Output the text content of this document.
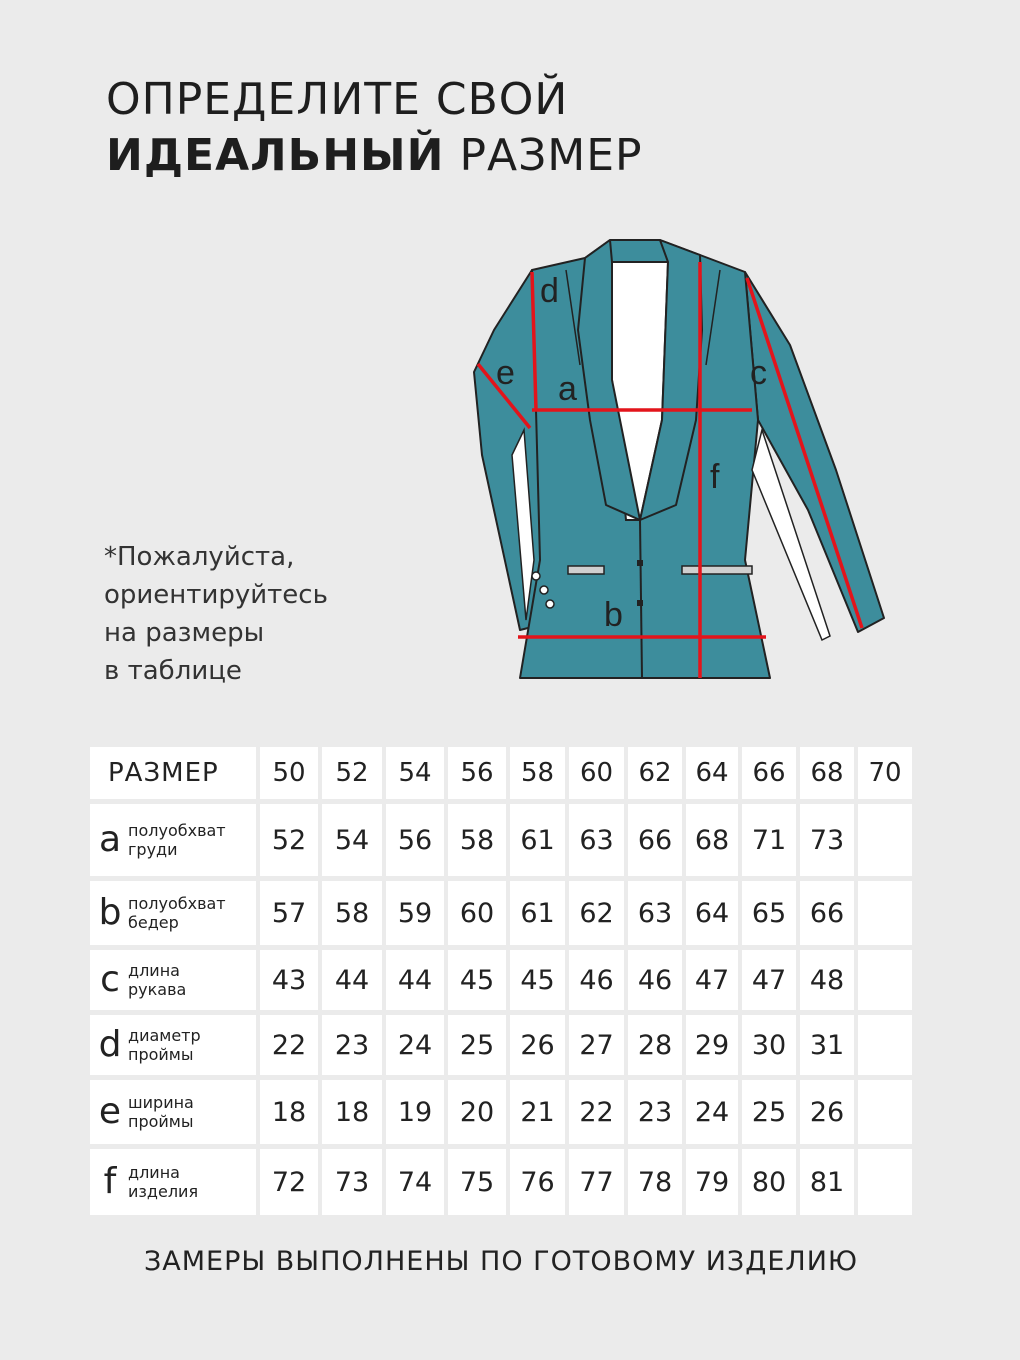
ОПРЕДЕЛИТЕ СВОЙ
ИДЕАЛЬНЫЙ РАЗМЕР
*Пожалуйста,
ориентируйтесь
на размеры
в таблице
d
e a	c
f
b
РАЗМЕР	50	52	54	56	58	60	62	64	66	68	70

a полуобхват
груди	52	54	56	58	61	63	66	68	71	73	

b полуобхват
бедер	57	58	59	60	61	62	63	64	65	66	

c длина
рукава	43	44	44	45	45	46	46	47	47	48	

d диаметр
проймы	22	23	24	25	26	27	28	29	30	31	

e ширина
проймы	18	18	19	20	21	22	23	24	25	26	

f длина
изделия	72	73	74	75	76	77	78	79	80	81	
ЗАМЕРЫ ВЫПОЛНЕНЫ ПО ГОТОВОМУ ИЗДЕЛИЮ
